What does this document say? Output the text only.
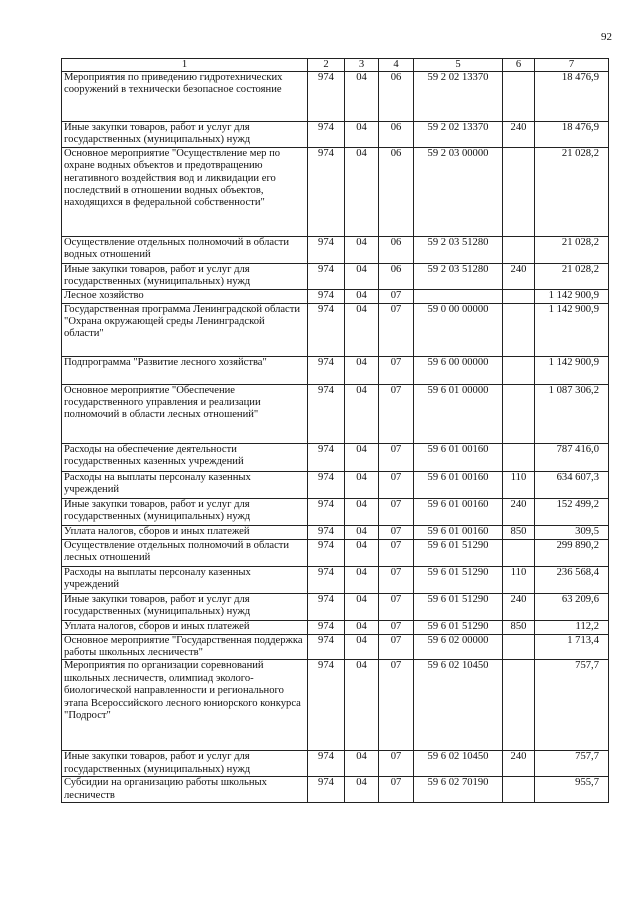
92
1	2	3	4	5	6	7
Мероприятия по приведению гидротехнических сооружений в технически безопасное состояние	974	04	06	59 2 02 13370		18 476,9
Иные закупки товаров, работ и услуг для государственных (муниципальных) нужд	974	04	06	59 2 02 13370	240	18 476,9
Основное мероприятие "Осуществление мер по охране водных объектов и предотвращению негативного воздействия вод и ликвидации его последствий в отношении водных объектов, находящихся в федеральной собственности"	974	04	06	59 2 03 00000		21 028,2
Осуществление отдельных полномочий в области водных отношений	974	04	06	59 2 03 51280		21 028,2
Иные закупки товаров, работ и услуг для государственных (муниципальных) нужд	974	04	06	59 2 03 51280	240	21 028,2
Лесное хозяйство	974	04	07			1 142 900,9
Государственная программа Ленинградской области "Охрана окружающей среды Ленинградской области"	974	04	07	59 0 00 00000		1 142 900,9
Подпрограмма "Развитие лесного хозяйства"	974	04	07	59 6 00 00000		1 142 900,9
Основное мероприятие "Обеспечение государственного управления и реализации полномочий в области лесных отношений"	974	04	07	59 6 01 00000		1 087 306,2
Расходы на обеспечение деятельности государственных казенных учреждений	974	04	07	59 6 01 00160		787 416,0
Расходы на выплаты персоналу казенных учреждений	974	04	07	59 6 01 00160	110	634 607,3
Иные закупки товаров, работ и услуг для государственных (муниципальных) нужд	974	04	07	59 6 01 00160	240	152 499,2
Уплата налогов, сборов и иных платежей	974	04	07	59 6 01 00160	850	309,5
Осуществление отдельных полномочий в области лесных отношений	974	04	07	59 6 01 51290		299 890,2
Расходы на выплаты персоналу казенных учреждений	974	04	07	59 6 01 51290	110	236 568,4
Иные закупки товаров, работ и услуг для государственных (муниципальных) нужд	974	04	07	59 6 01 51290	240	63 209,6
Уплата налогов, сборов и иных платежей	974	04	07	59 6 01 51290	850	112,2
Основное мероприятие "Государственная поддержка работы школьных лесничеств"	974	04	07	59 6 02 00000		1 713,4
Мероприятия по организации соревнований школьных лесничеств, олимпиад эколого-биологической направленности и регионального этапа Всероссийского лесного юниорского конкурса "Подрост"	974	04	07	59 6 02 10450		757,7
Иные закупки товаров, работ и услуг для государственных (муниципальных) нужд	974	04	07	59 6 02 10450	240	757,7
Субсидии на организацию работы школьных лесничеств	974	04	07	59 6 02 70190		955,7
